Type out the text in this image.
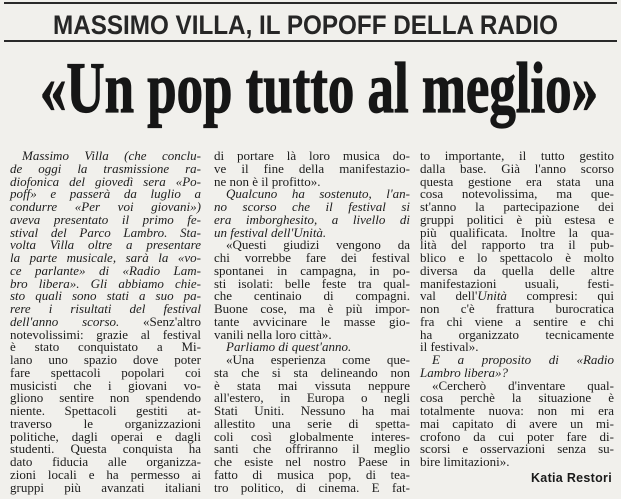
MASSIMO VILLA, IL POPOFF DELLA RADIO
«Un pop tutto al meglio»
Massimo Villa (che conclu-
de oggi la trasmissione ra-
diofonica del giovedì sera «Po-
poff» e passerà da luglio a
condurre «Per voi giovani»)
aveva presentato il primo fe-
stival del Parco Lambro. Sta-
volta Villa oltre a presentare
la parte musicale, sarà la «vo-
ce parlante» di «Radio Lam-
bro libera». Gli abbiamo chie-
sto quali sono stati a suo pa-
rere i risultati del festival
dell'anno scorso. «Senz'altro
notevolissimi: grazie al festival
è stato conquistato a Mi-
lano uno spazio dove poter
fare spettacoli popolari coi
musicisti che i giovani vo-
gliono sentire non spendendo
niente. Spettacoli gestiti at-
traverso le organizzazioni
politiche, dagli operai e dagli
studenti. Questa conquista ha
dato fiducia alle organizza-
zioni locali e ha permesso ai
gruppi più avanzati italiani
di portare là loro musica do-
ve il fine della manifestazio-
ne non è il profitto».
Qualcuno ha sostenuto, l'an-
no scorso che il festival si
era imborghesito, a livello di
un festival dell'Unità.
«Questi giudizi vengono da
chi vorrebbe fare dei festival
spontanei in campagna, in po-
sti isolati: belle feste tra qual-
che centinaio di compagni.
Buone cose, ma è più impor-
tante avvicinare le masse gio-
vanili nella loro città».
Parliamo di quest'anno.
«Una esperienza come que-
sta che si sta delineando non
è stata mai vissuta neppure
all'estero, in Europa o negli
Stati Uniti. Nessuno ha mai
allestito una serie di spetta-
coli così globalmente interes-
santi che offriranno il meglio
che esiste nel nostro Paese in
fatto di musica pop, di tea-
tro politico, di cinema. E fat-
to importante, il tutto gestito
dalla base. Già l'anno scorso
questa gestione era stata una
cosa notevolissima, ma que-
st'anno la partecipazione dei
gruppi politici è più estesa e
più qualificata. Inoltre la qua-
lità del rapporto tra il pub-
blico e lo spettacolo è molto
diversa da quella delle altre
manifestazioni usuali, festi-
val dell'Unità compresi: qui
non c'è frattura burocratica
fra chi viene a sentire e chi
ha organizzato tecnicamente
il festival».
E a proposito di «Radio
Lambro libera»?
«Cercherò d'inventare qual-
cosa perchè la situazione è
totalmente nuova: non mi era
mai capitato di avere un mi-
crofono da cui poter fare di-
scorsi e osservazioni senza su-
bire limitazioni».
Katia Restori
